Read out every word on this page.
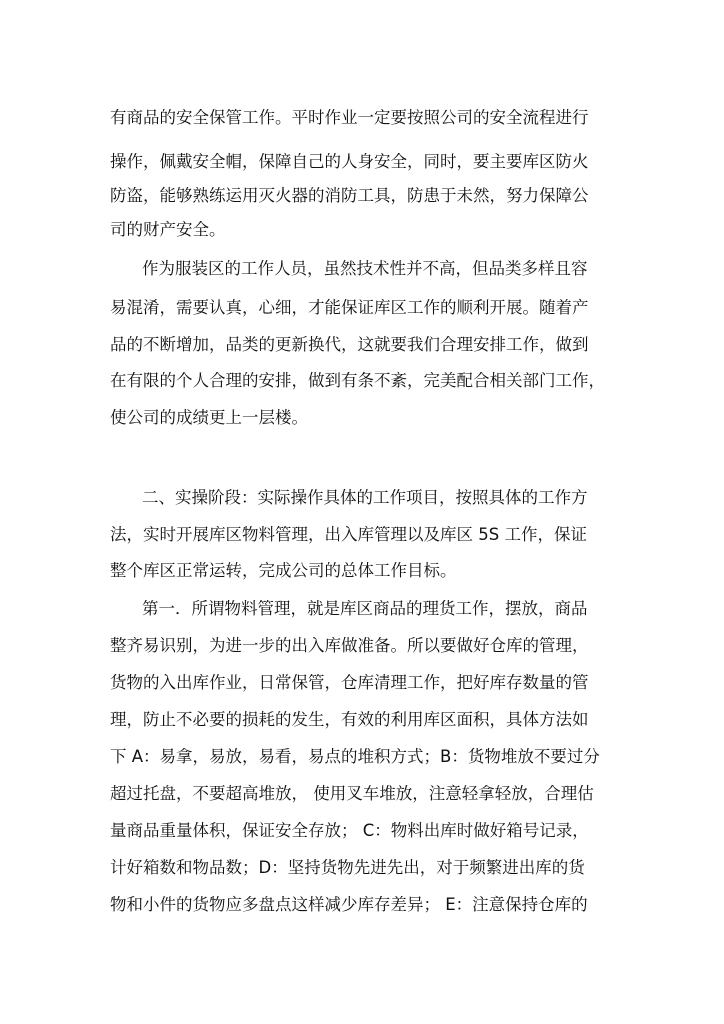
有商品的安全保管工作。平时作业一定要按照公司的安全流程进行
操作，佩戴安全帽，保障自己的人身安全，同时，要主要库区防火
防盗，能够熟练运用灭火器的消防工具，防患于未然，努力保障公
司的财产安全。
作为服装区的工作人员，虽然技术性并不高，但品类多样且容
易混淆，需要认真，心细，才能保证库区工作的顺利开展。随着产
品的不断增加，品类的更新换代，这就要我们合理安排工作，做到
在有限的个人合理的安排，做到有条不紊，完美配合相关部门工作，
使公司的成绩更上一层楼。
二、实操阶段：实际操作具体的工作项目，按照具体的工作方
法，实时开展库区物料管理，出入库管理以及库区 5S 工作，保证
整个库区正常运转，完成公司的总体工作目标。
第一．所谓物料管理，就是库区商品的理货工作，摆放，商品
整齐易识别，为进一步的出入库做准备。所以要做好仓库的管理，
货物的入出库作业，日常保管，仓库清理工作，把好库存数量的管
理，防止不必要的损耗的发生，有效的利用库区面积，具体方法如
下 A：易拿，易放，易看，易点的堆积方式；B：货物堆放不要过分
超过托盘，不要超高堆放， 使用叉车堆放，注意轻拿轻放，合理估
量商品重量体积，保证安全存放； C：物料出库时做好箱号记录，
计好箱数和物品数；D：坚持货物先进先出，对于频繁进出库的货
物和小件的货物应多盘点这样减少库存差异； E：注意保持仓库的
